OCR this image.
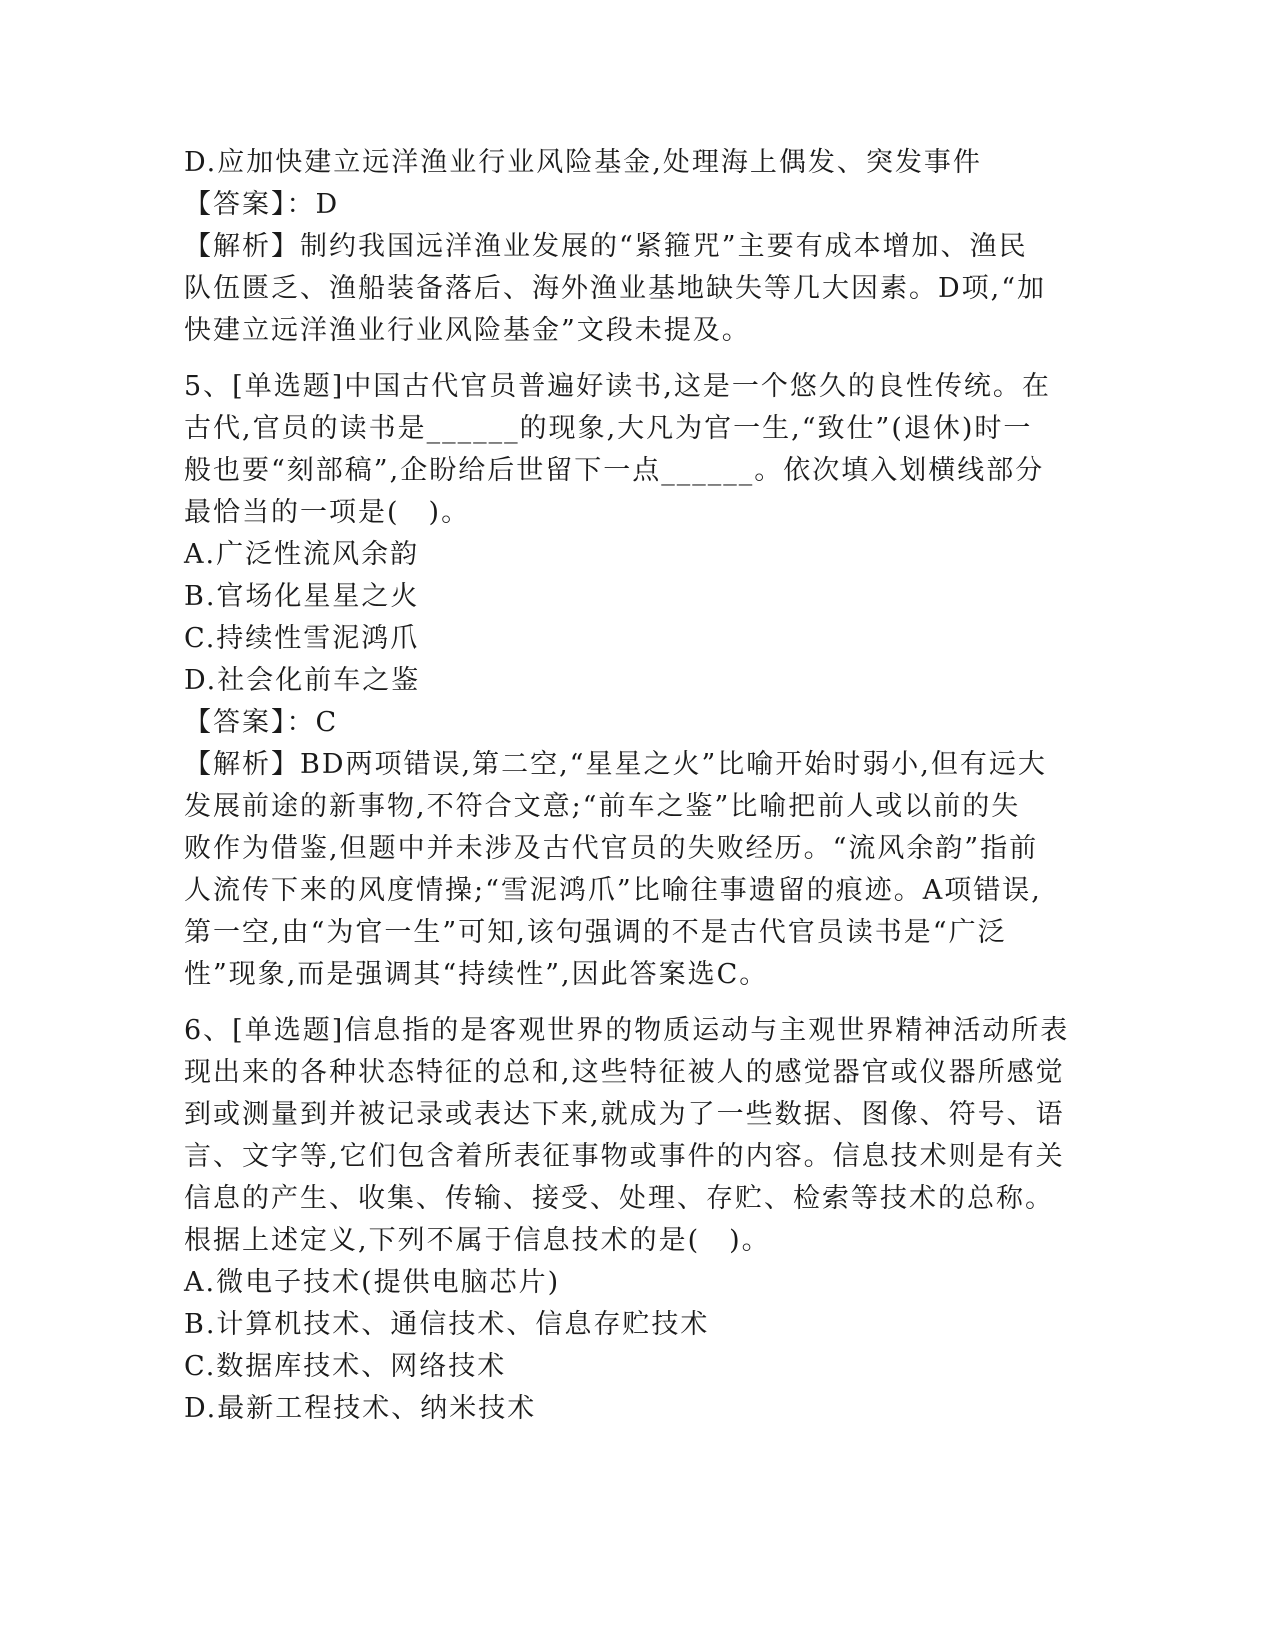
D.应加快建立远洋渔业行业风险基金,处理海上偶发、突发事件

【答案】：D

【解析】制约我国远洋渔业发展的“紧箍咒”主要有成本增加、渔民

队伍匮乏、渔船装备落后、海外渔业基地缺失等几大因素。D项,“加

快建立远洋渔业行业风险基金”文段未提及。

5、[单选题]中国古代官员普遍好读书,这是一个悠久的良性传统。在

古代,官员的读书是______的现象,大凡为官一生,“致仕”(退休)时一

般也要“刻部稿”,企盼给后世留下一点______。依次填入划横线部分

最恰当的一项是(　)。

A.广泛性流风余韵

B.官场化星星之火

C.持续性雪泥鸿爪

D.社会化前车之鉴

【答案】：C

【解析】BD两项错误,第二空,“星星之火”比喻开始时弱小,但有远大

发展前途的新事物,不符合文意;“前车之鉴”比喻把前人或以前的失

败作为借鉴,但题中并未涉及古代官员的失败经历。“流风余韵”指前

人流传下来的风度情操;“雪泥鸿爪”比喻往事遗留的痕迹。A项错误,

第一空,由“为官一生”可知,该句强调的不是古代官员读书是“广泛

性”现象,而是强调其“持续性”,因此答案选C。

6、[单选题]信息指的是客观世界的物质运动与主观世界精神活动所表

现出来的各种状态特征的总和,这些特征被人的感觉器官或仪器所感觉

到或测量到并被记录或表达下来,就成为了一些数据、图像、符号、语

言、文字等,它们包含着所表征事物或事件的内容。信息技术则是有关

信息的产生、收集、传输、接受、处理、存贮、检索等技术的总称。

根据上述定义,下列不属于信息技术的是(　)。

A.微电子技术(提供电脑芯片)

B.计算机技术、通信技术、信息存贮技术

C.数据库技术、网络技术

D.最新工程技术、纳米技术
